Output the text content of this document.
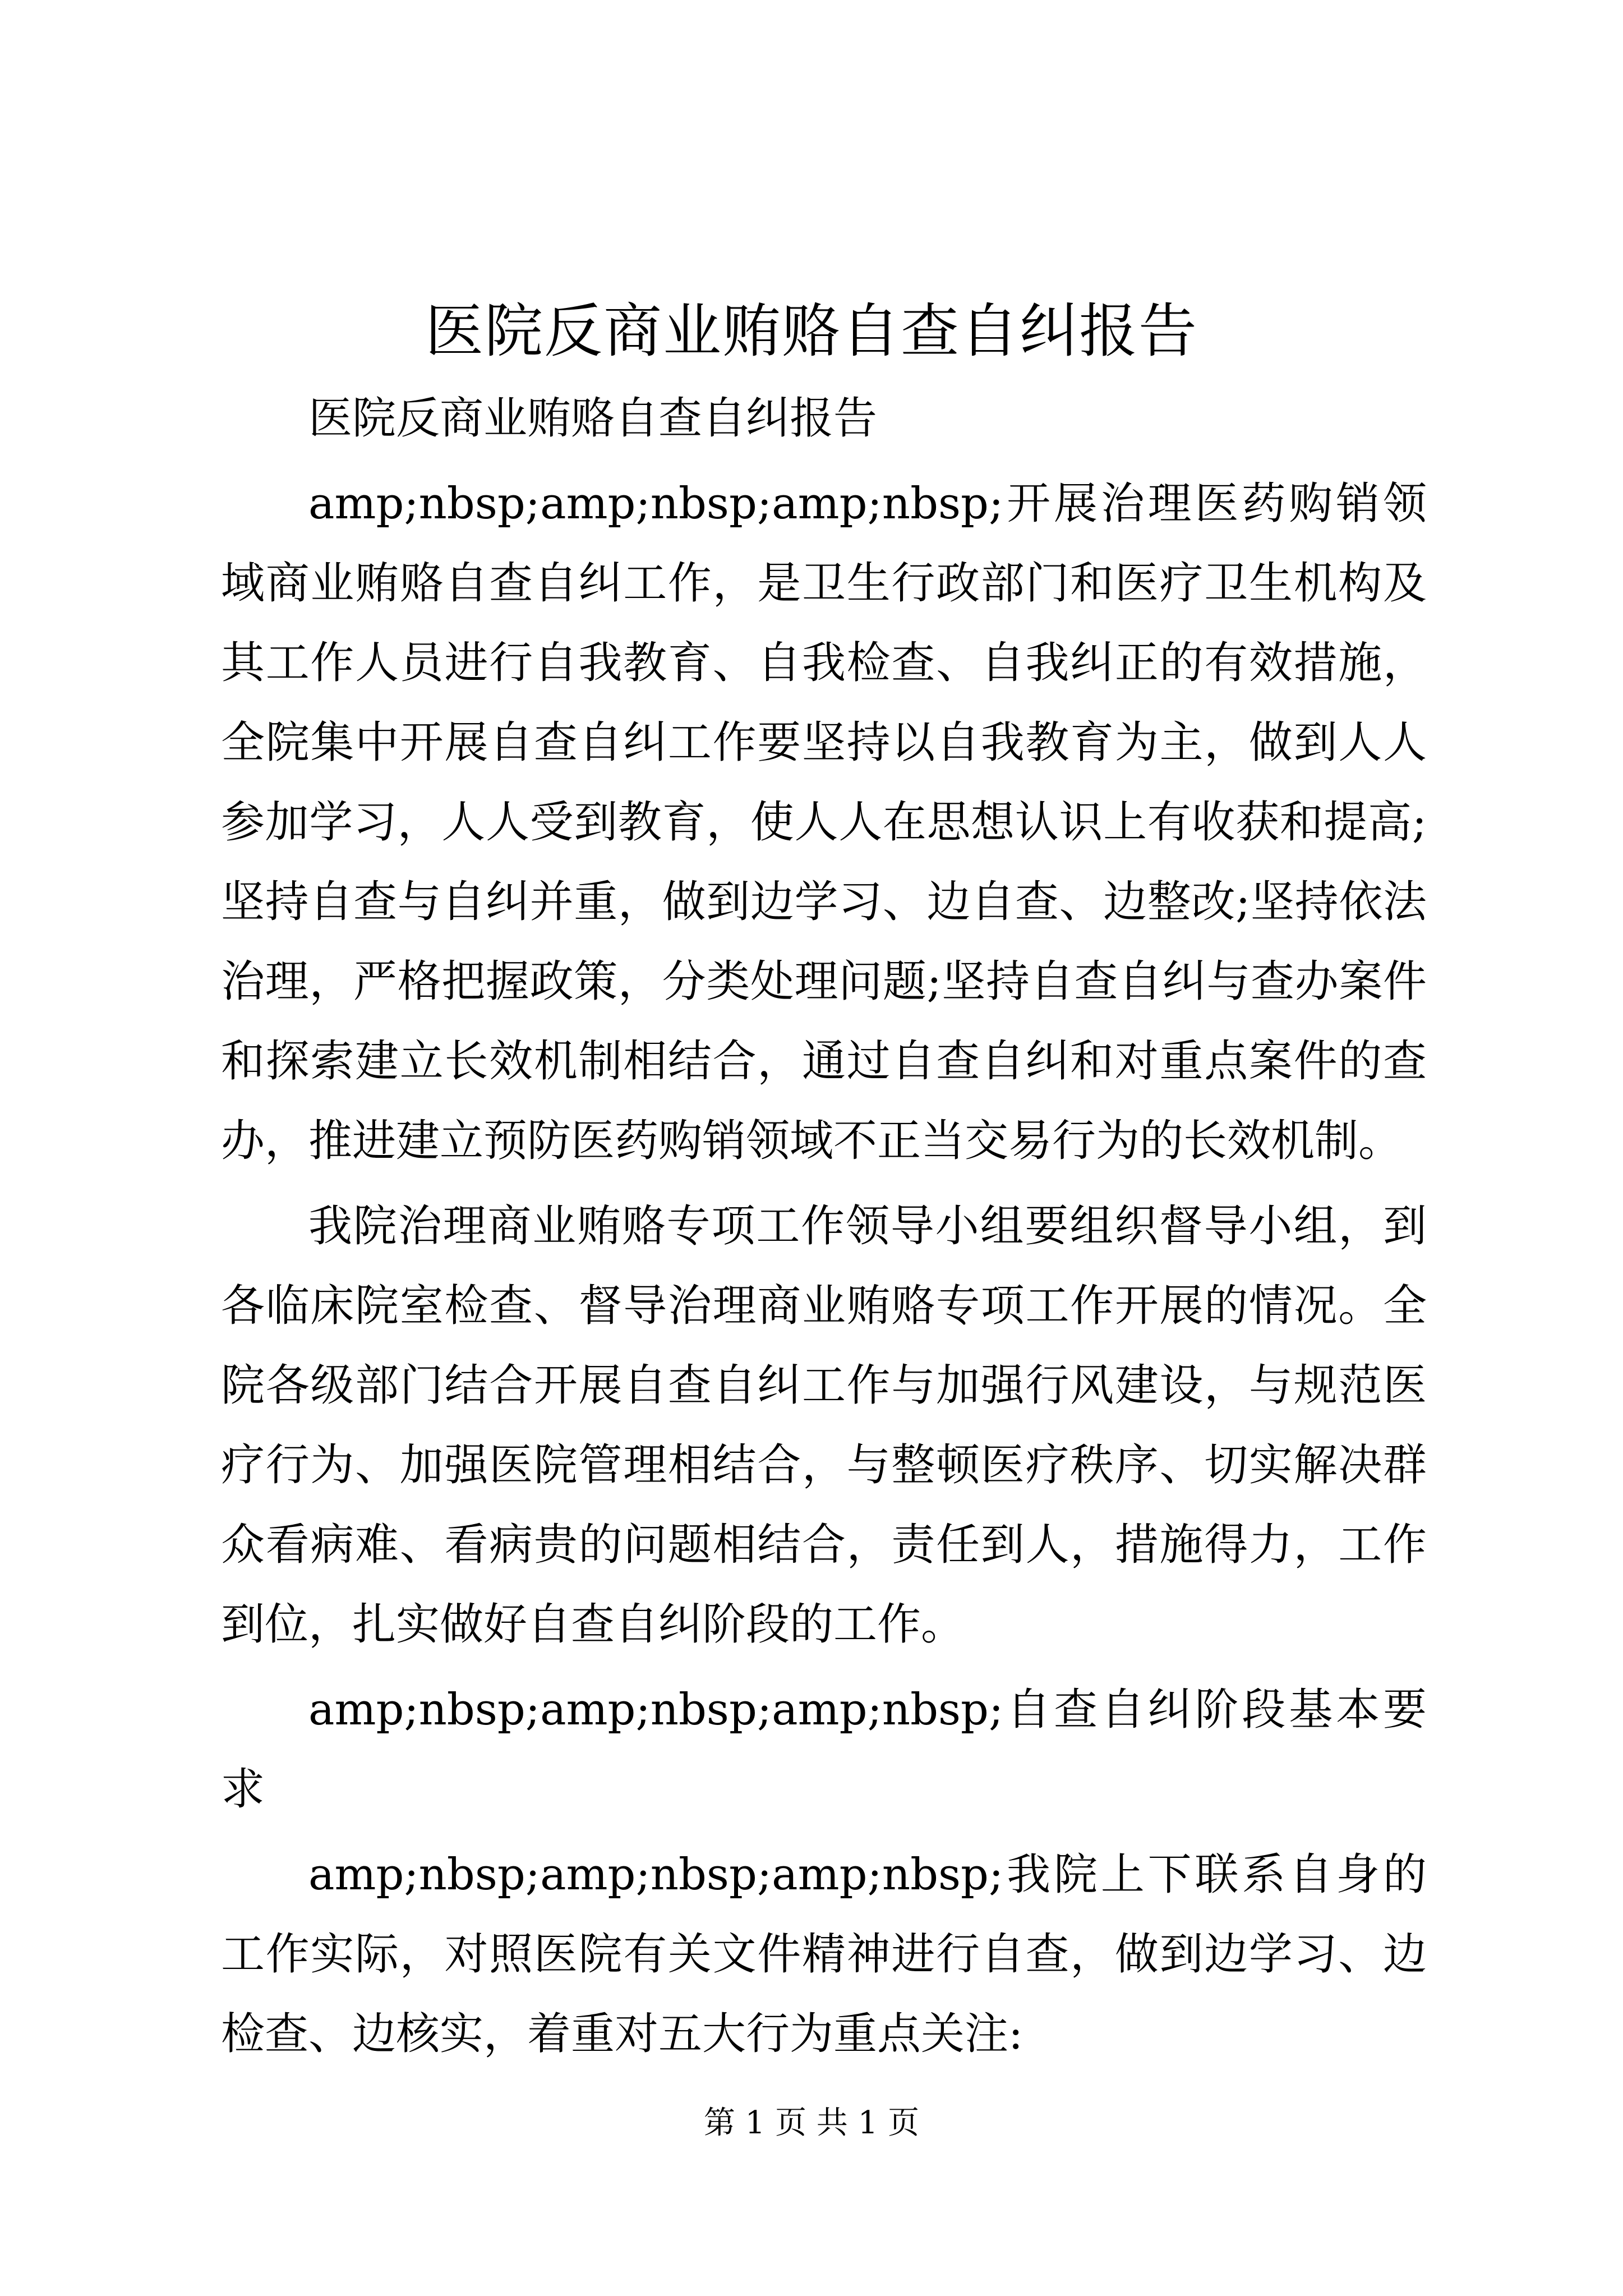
医院反商业贿赂自查自纠报告

医院反商业贿赂自查自纠报告

amp;nbsp;amp;nbsp;amp;nbsp;开展治理医药购销领域商业贿赂自查自纠工作，是卫生行政部门和医疗卫生机构及其工作人员进行自我教育、自我检查、自我纠正的有效措施，全院集中开展自查自纠工作要坚持以自我教育为主，做到人人参加学习，人人受到教育，使人人在思想认识上有收获和提高;坚持自查与自纠并重，做到边学习、边自查、边整改;坚持依法治理，严格把握政策，分类处理问题;坚持自查自纠与查办案件和探索建立长效机制相结合，通过自查自纠和对重点案件的查办，推进建立预防医药购销领域不正当交易行为的长效机制。

我院治理商业贿赂专项工作领导小组要组织督导小组，到各临床院室检查、督导治理商业贿赂专项工作开展的情况。全院各级部门结合开展自查自纠工作与加强行风建设，与规范医疗行为、加强医院管理相结合，与整顿医疗秩序、切实解决群众看病难、看病贵的问题相结合，责任到人，措施得力，工作到位，扎实做好自查自纠阶段的工作。

amp;nbsp;amp;nbsp;amp;nbsp;自查自纠阶段基本要求

amp;nbsp;amp;nbsp;amp;nbsp;我院上下联系自身的工作实际，对照医院有关文件精神进行自查，做到边学习、边检查、边核实，着重对五大行为重点关注:

第 1 页 共 1 页
